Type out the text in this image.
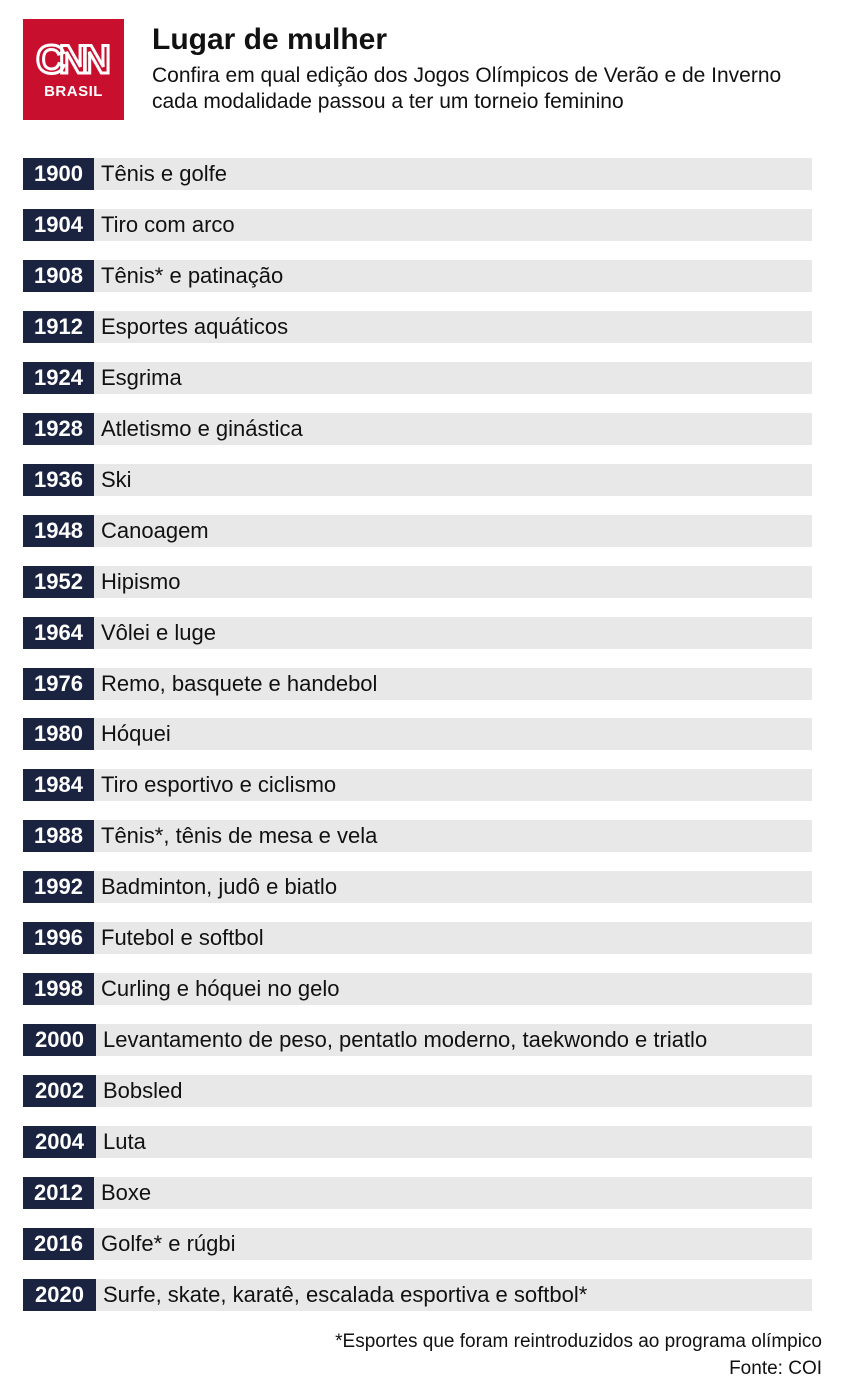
CNN
BRASIL
Lugar de mulher
Confira em qual edição dos Jogos Olímpicos de Verão e de Inverno cada modalidade passou a ter um torneio feminino
1900 Tênis e golfe
1904 Tiro com arco
1908 Tênis* e patinação
1912 Esportes aquáticos
1924 Esgrima
1928 Atletismo e ginástica
1936 Ski
1948 Canoagem
1952 Hipismo
1964 Vôlei e luge
1976 Remo, basquete e handebol
1980 Hóquei
1984 Tiro esportivo e ciclismo
1988 Tênis*, tênis de mesa e vela
1992 Badminton, judô e biatlo
1996 Futebol e softbol
1998 Curling e hóquei no gelo
2000 Levantamento de peso, pentatlo moderno, taekwondo e triatlo
2002 Bobsled
2004 Luta
2012 Boxe
2016 Golfe* e rúgbi
2020 Surfe, skate, karatê, escalada esportiva e softbol*
*Esportes que foram reintroduzidos ao programa olímpico
Fonte: COI
